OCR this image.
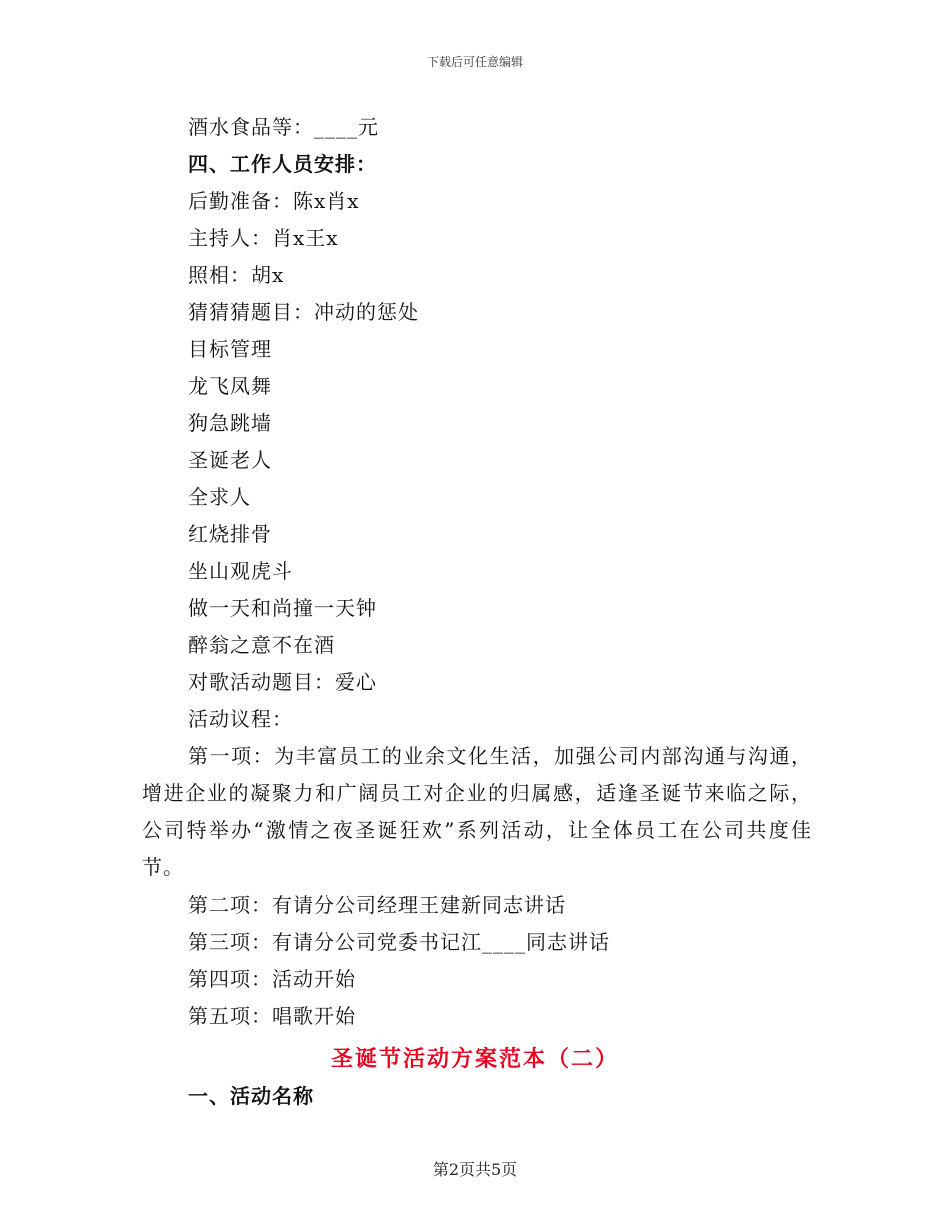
下载后可任意编辑
酒水食品等：____元
四、工作人员安排：
后勤准备：陈x肖x
主持人：肖x王x
照相：胡x
猜猜猜题目：冲动的惩处
目标管理
龙飞凤舞
狗急跳墙
圣诞老人
全求人
红烧排骨
坐山观虎斗
做一天和尚撞一天钟
醉翁之意不在酒
对歌活动题目：爱心
活动议程：
第一项：为丰富员工的业余文化生活，加强公司内部沟通与沟通，增进企业的凝聚力和广阔员工对企业的归属感，适逢圣诞节来临之际，公司特举办“激情之夜圣诞狂欢”系列活动，让全体员工在公司共度佳节。
第二项：有请分公司经理王建新同志讲话
第三项：有请分公司党委书记江____同志讲话
第四项：活动开始
第五项：唱歌开始
圣诞节活动方案范本（二）
一、活动名称
第2页共5页
